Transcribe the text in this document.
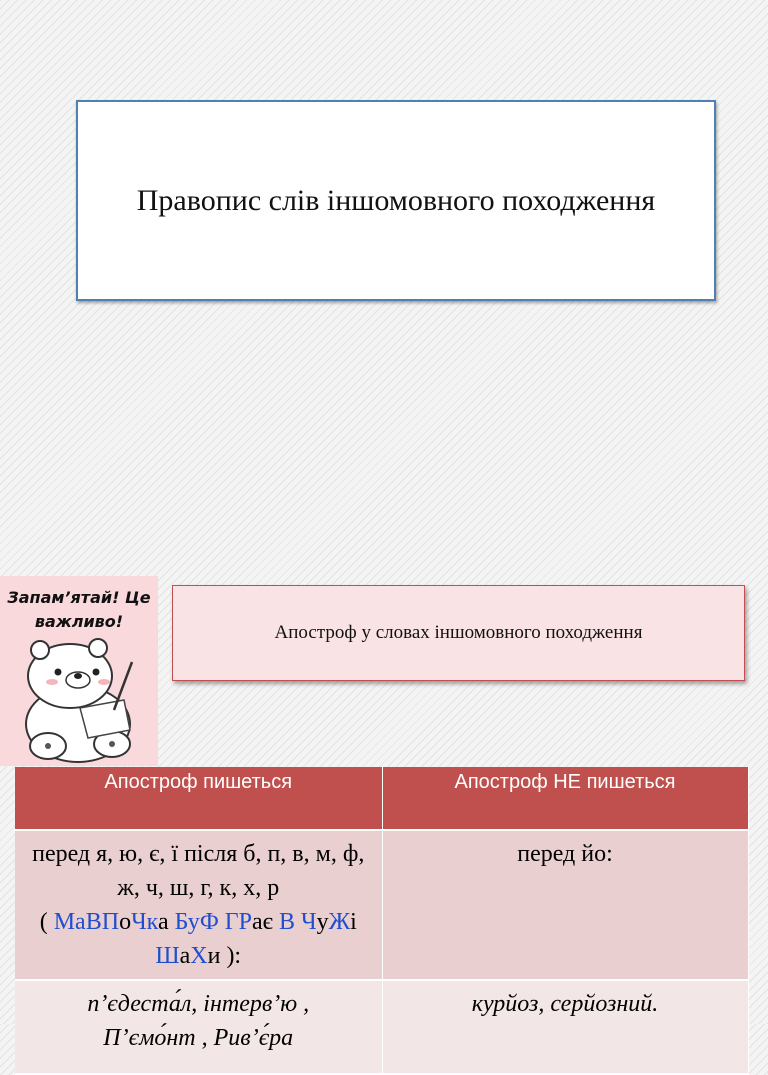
Правопис слів іншомовного походження
Запам’ятай! Це
важливо!
Апостроф у словах іншомовного походження
Апостроф пишеться	Апостроф НЕ пишеться
перед я, ю, є, ї після б, п, в, м, ф, ж, ч, ш, г, к, х, р
( МаВПоЧка БуФ ГРає В ЧуЖі ШаХи ):	перед йо:
п’єдеста́л, інтерв’ю ,
П’ємо́нт , Рив’є́ра	курйоз, серйозний.
